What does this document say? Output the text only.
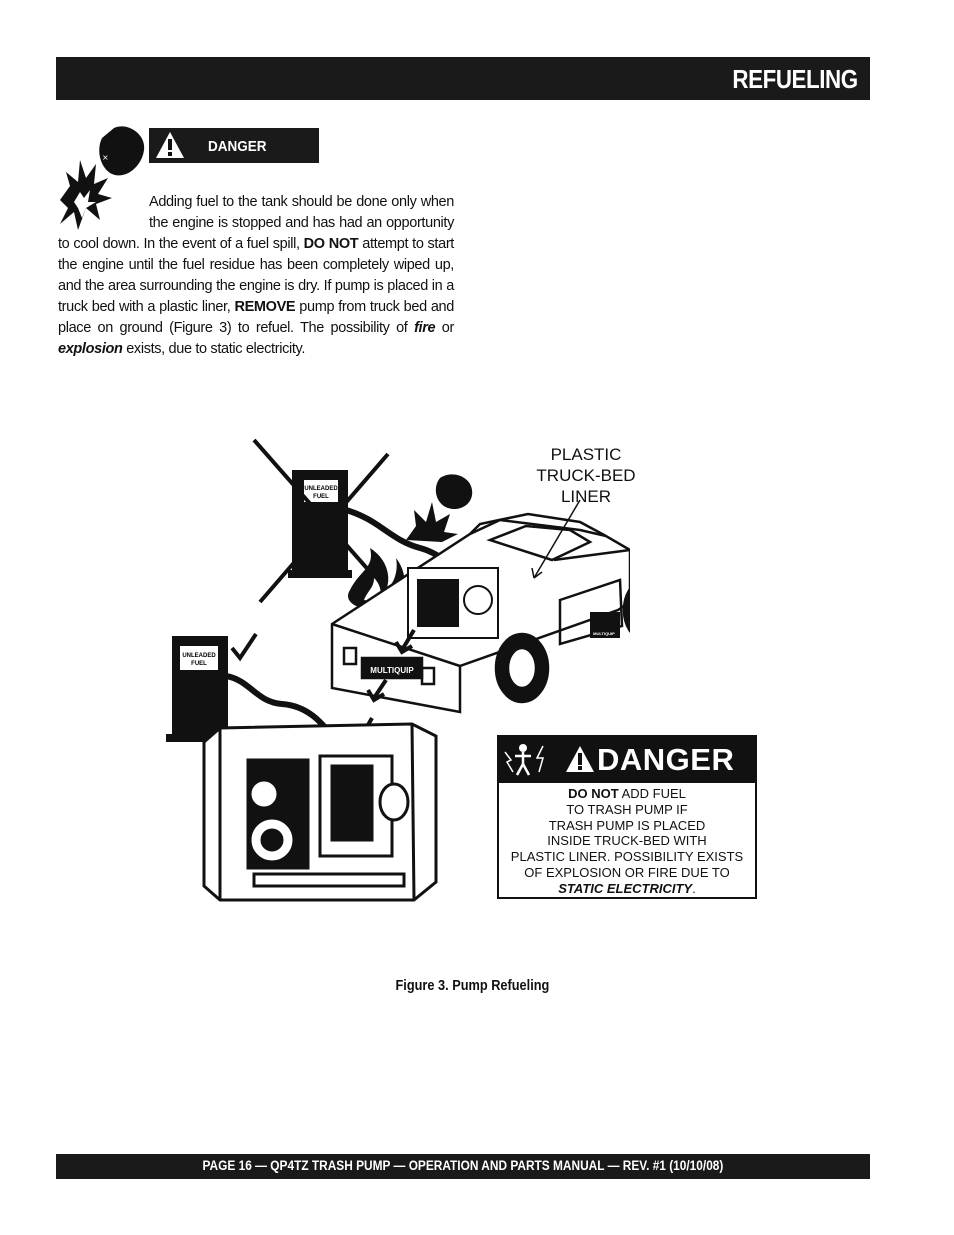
REFUELING
×
DANGER
Adding fuel to the tank should be done only when the engine is stopped and has had an opportunity to cool down. In the event of a fuel spill, DO NOT attempt to start the engine until the fuel residue has been completely wiped up, and the area surrounding the engine is dry. If pump is placed in a truck bed with a plastic liner, REMOVE pump from truck bed and place on ground (Figure 3) to refuel. The possibility of fire or explosion exists, due to static electricity.
UNLEADED
FUEL
MULTIQUIP
MULTIQUIP
UNLEADED
FUEL
PLASTIC
TRUCK-BED
LINER
DANGER
DO NOT ADD FUEL
TO TRASH PUMP IF
TRASH PUMP IS PLACED
INSIDE TRUCK-BED WITH
PLASTIC LINER. POSSIBILITY EXISTS
OF EXPLOSION OR FIRE DUE TO
STATIC ELECTRICITY.
Figure 3. Pump Refueling
PAGE 16 — QP4TZ TRASH PUMP — OPERATION AND PARTS MANUAL — REV. #1 (10/10/08)
